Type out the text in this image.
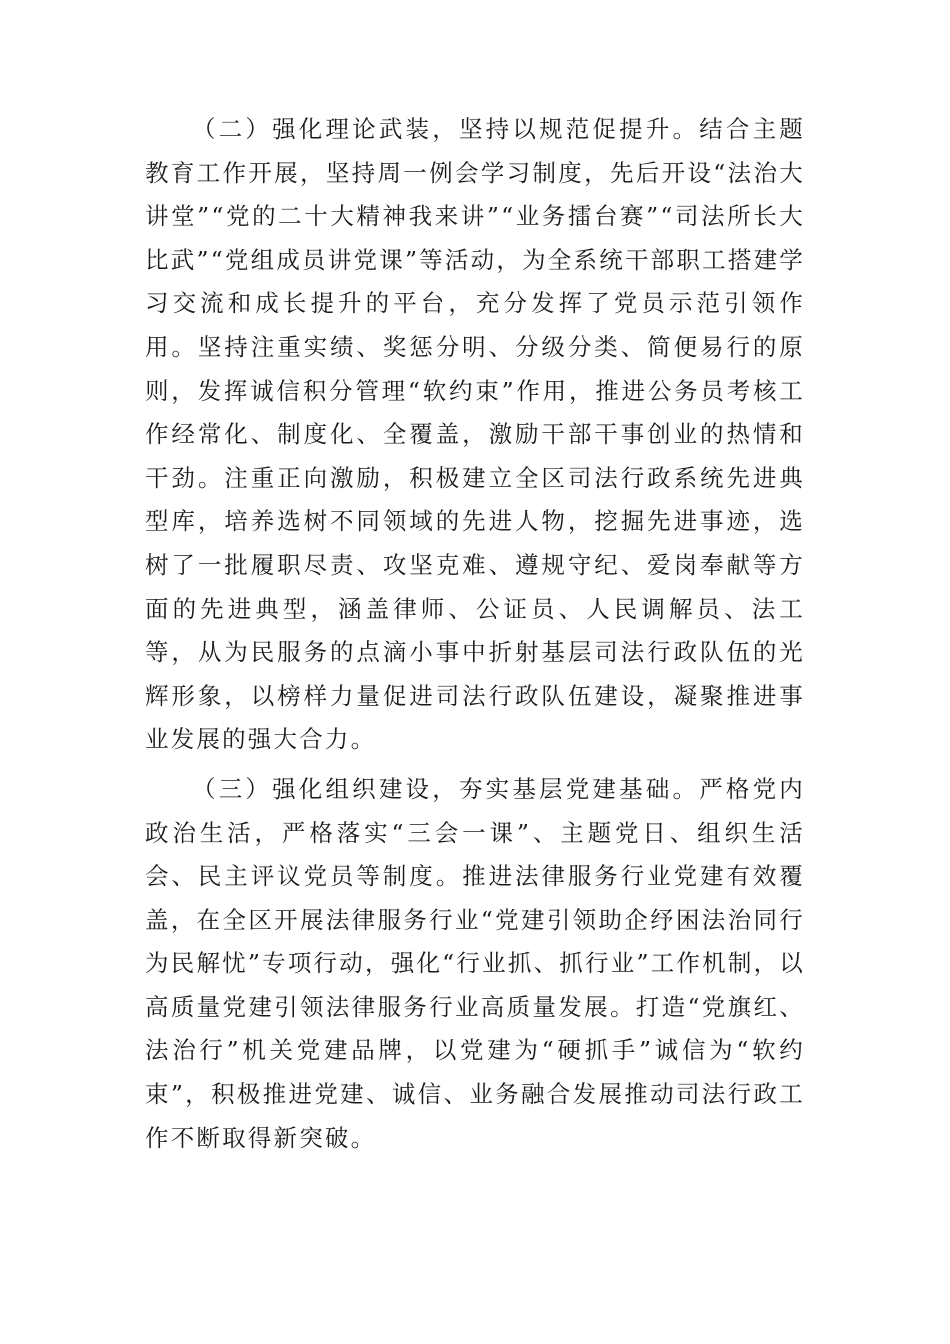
（二）强化理论武装，坚持以规范促提升。结合主题教育工作开展，坚持周一例会学习制度，先后开设“法治大讲堂”“党的二十大精神我来讲”“业务擂台赛”“司法所长大比武”“党组成员讲党课”等活动，为全系统干部职工搭建学习交流和成长提升的平台，充分发挥了党员示范引领作用。坚持注重实绩、奖惩分明、分级分类、简便易行的原则，发挥诚信积分管理“软约束”作用，推进公务员考核工作经常化、制度化、全覆盖，激励干部干事创业的热情和干劲。注重正向激励，积极建立全区司法行政系统先进典型库，培养选树不同领域的先进人物，挖掘先进事迹，选树了一批履职尽责、攻坚克难、遵规守纪、爱岗奉献等方面的先进典型，涵盖律师、公证员、人民调解员、法工等，从为民服务的点滴小事中折射基层司法行政队伍的光辉形象，以榜样力量促进司法行政队伍建设，凝聚推进事业发展的强大合力。

（三）强化组织建设，夯实基层党建基础。严格党内政治生活，严格落实“三会一课”、主题党日、组织生活会、民主评议党员等制度。推进法律服务行业党建有效覆盖，在全区开展法律服务行业“党建引领助企纾困法治同行为民解忧”专项行动，强化“行业抓、抓行业”工作机制，以高质量党建引领法律服务行业高质量发展。打造“党旗红、法治行”机关党建品牌，以党建为“硬抓手”诚信为“软约束”，积极推进党建、诚信、业务融合发展推动司法行政工作不断取得新突破。
